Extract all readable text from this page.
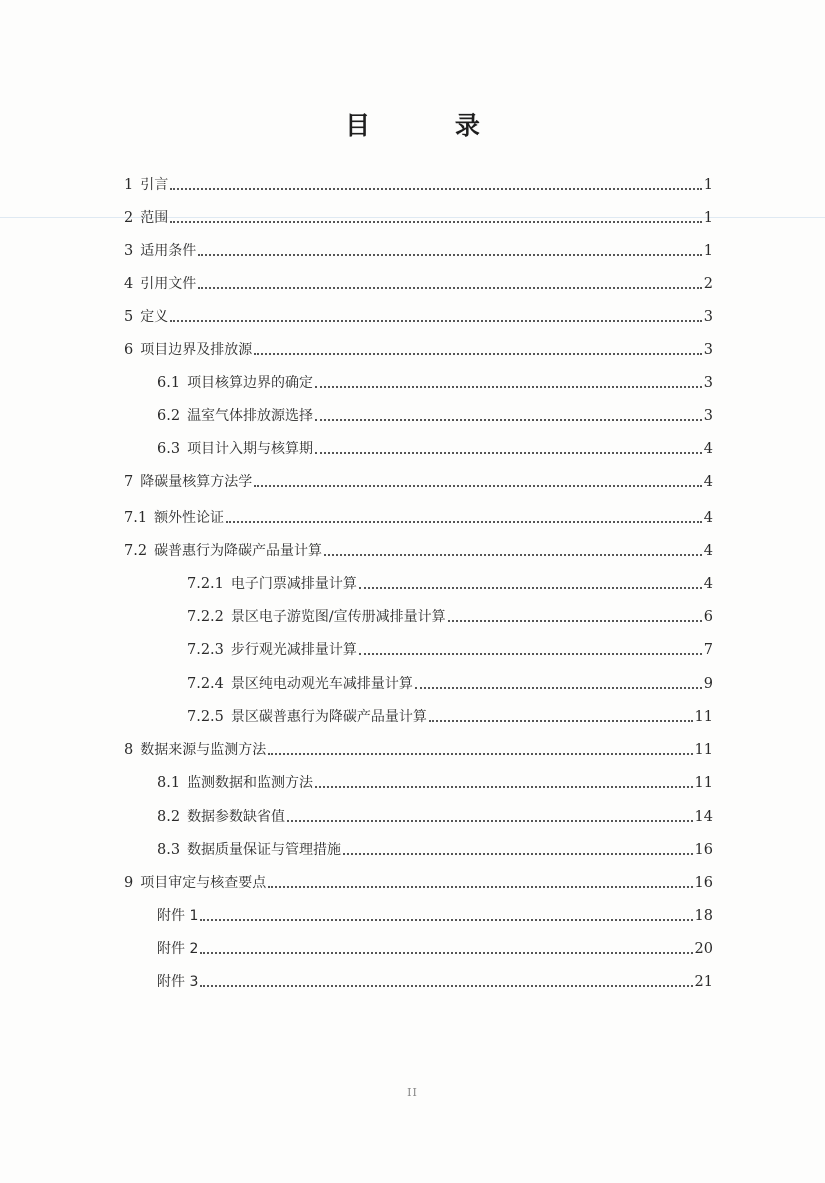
目 录
1 引言	1
2 范围	1
3 适用条件	1
4 引用文件	2
5 定义	3
6 项目边界及排放源	3
6.1 项目核算边界的确定	3
6.2 温室气体排放源选择	3
6.3 项目计入期与核算期	4
7 降碳量核算方法学	4
7.1 额外性论证	4
7.2 碳普惠行为降碳产品量计算	4
7.2.1 电子门票减排量计算	4
7.2.2 景区电子游览图/宣传册减排量计算	6
7.2.3 步行观光减排量计算	7
7.2.4 景区纯电动观光车减排量计算	9
7.2.5 景区碳普惠行为降碳产品量计算	11
8 数据来源与监测方法	11
8.1 监测数据和监测方法	11
8.2 数据参数缺省值	14
8.3 数据质量保证与管理措施	16
9 项目审定与核查要点	16
附件 1	18
附件 2	20
附件 3	21
II
